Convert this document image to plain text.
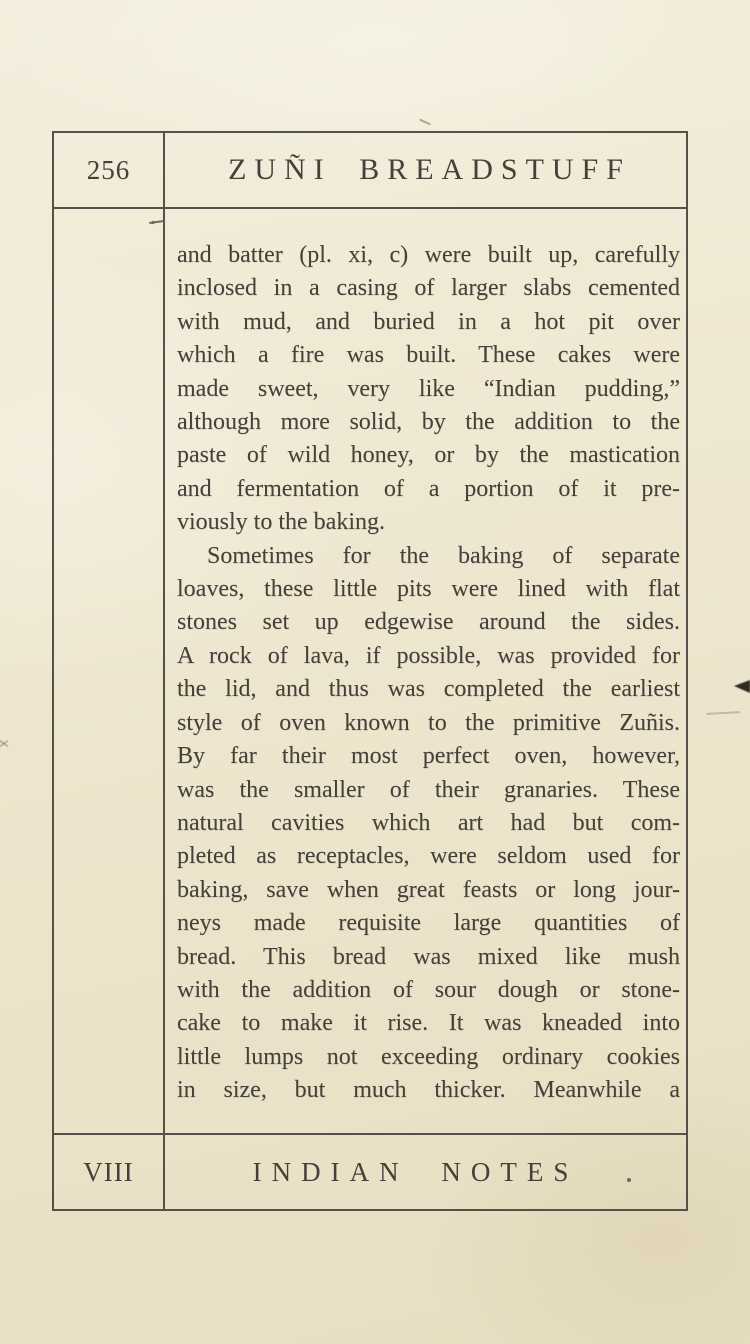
256	ZUÑI BREADSTUFF
and batter (pl. xi, c) were built up, carefully
inclosed in a casing of larger slabs cemented
with mud, and buried in a hot pit over
which a fire was built. These cakes were
made sweet, very like “Indian pudding,”
although more solid, by the addition to the
paste of wild honey, or by the mastication
and fermentation of a portion of it pre-
viously to the baking.
Sometimes for the baking of separate
loaves, these little pits were lined with flat
stones set up edgewise around the sides.
A rock of lava, if possible, was provided for
the lid, and thus was completed the earliest
style of oven known to the primitive Zuñis.
By far their most perfect oven, however,
was the smaller of their granaries. These
natural cavities which art had but com-
pleted as receptacles, were seldom used for
baking, save when great feasts or long jour-
neys made requisite large quantities of
bread. This bread was mixed like mush
with the addition of sour dough or stone-
cake to make it rise. It was kneaded into
little lumps not exceeding ordinary cookies
in size, but much thicker. Meanwhile a
VIII	INDIAN NOTES
